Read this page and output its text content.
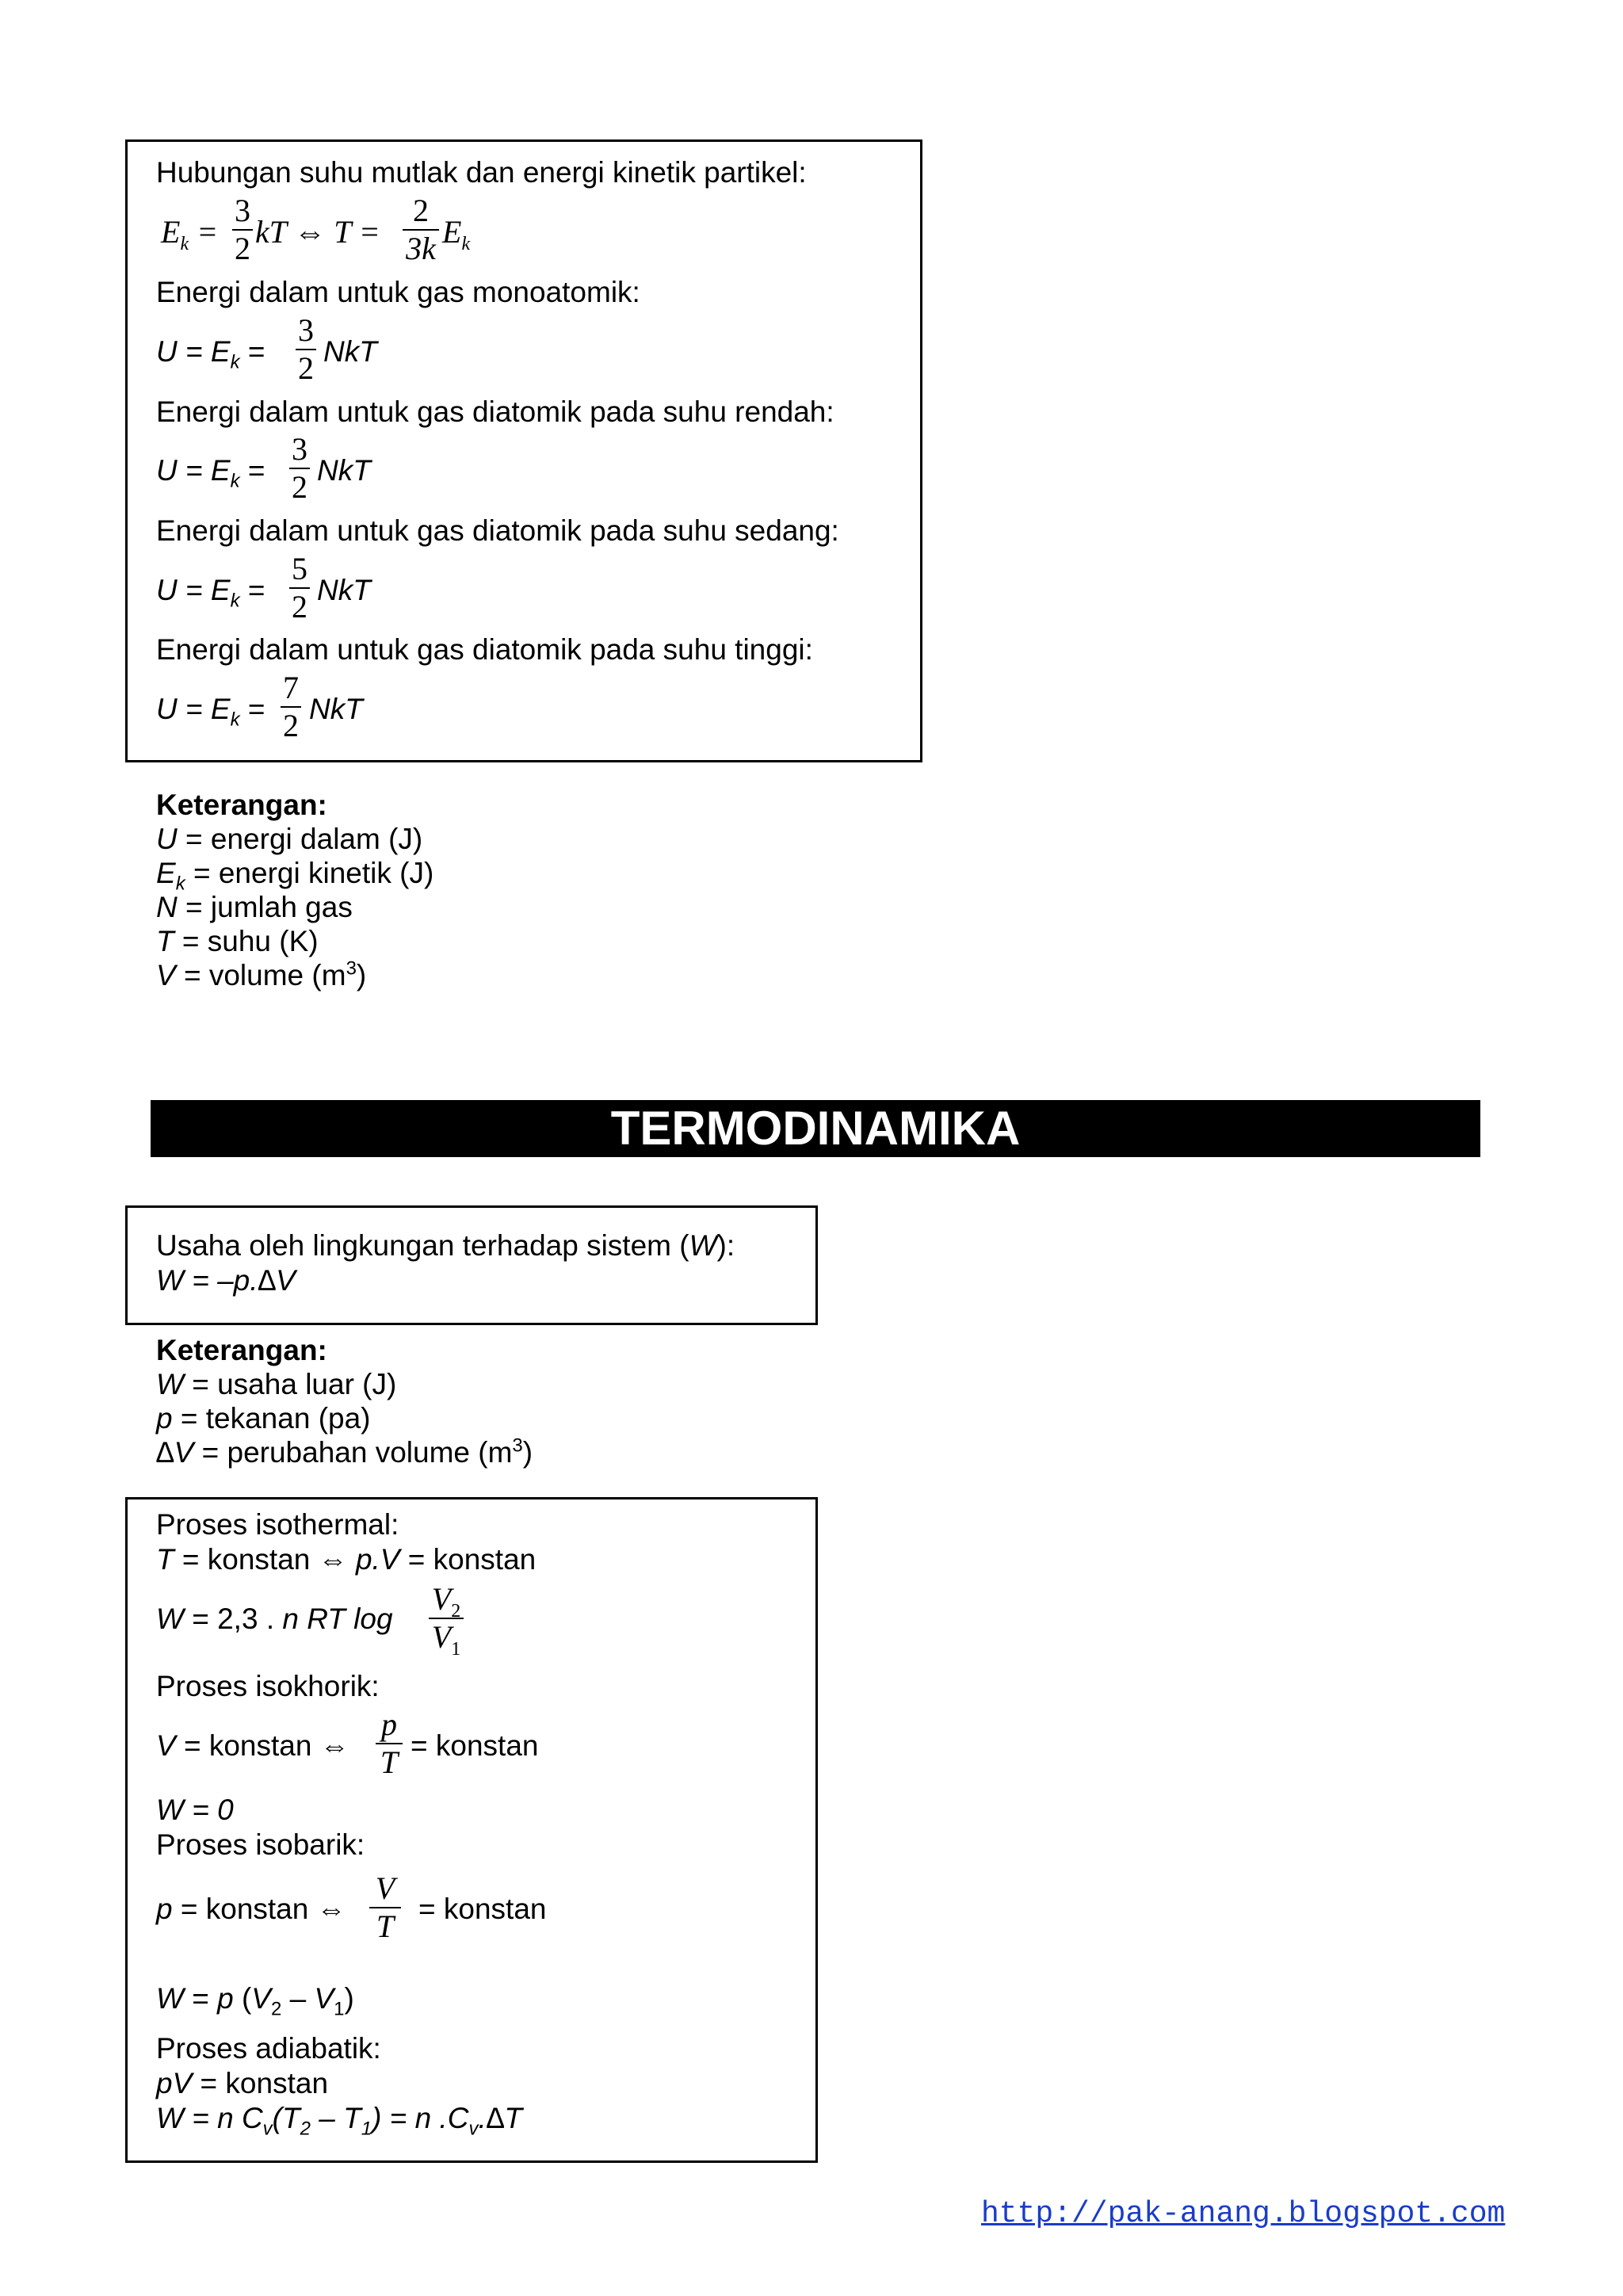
Hubungan suhu mutlak dan energi kinetik partikel:
$E_k$ =
3
2 kT ⇔ T =
2
3k $E_k$
Energi dalam untuk gas monoatomik:
$U = E_k$ =
3
2 NkT
Energi dalam untuk gas diatomik pada suhu rendah:
$U = E_k$ =
3
2 NkT
Energi dalam untuk gas diatomik pada suhu sedang:
$U = E_k$ =
5
2 NkT
Energi dalam untuk gas diatomik pada suhu tinggi:
$U = E_k$ =
7
2 NkT
Keterangan:
U = energi dalam (J)
$E_k$ = energi kinetik (J)
N = jumlah gas
T = suhu (K)
V = volume $(m^3)$
TERMODINAMIKA
Usaha oleh lingkungan terhadap sistem (W):
W = –p.∆V
Keterangan:
W = usaha luar (J)
p = tekanan (pa)
∆V = perubahan volume $(m^3)$
Proses isothermal:
T = konstan ⇔ p.V = konstan
W = 2,3 . n RT log
$V_2$
$V_1$
Proses isokhorik:
V = konstan ⇔
p
T = konstan
W = 0
Proses isobarik:
p = konstan ⇔
V
T = konstan
W = p $(V_2 - V_1)$
Proses adiabatik:
pV = konstan
W = n $C_v(T_2 - T_1) = n$ $.C_v.\Delta T$
http://pak-anang.blogspot.com
